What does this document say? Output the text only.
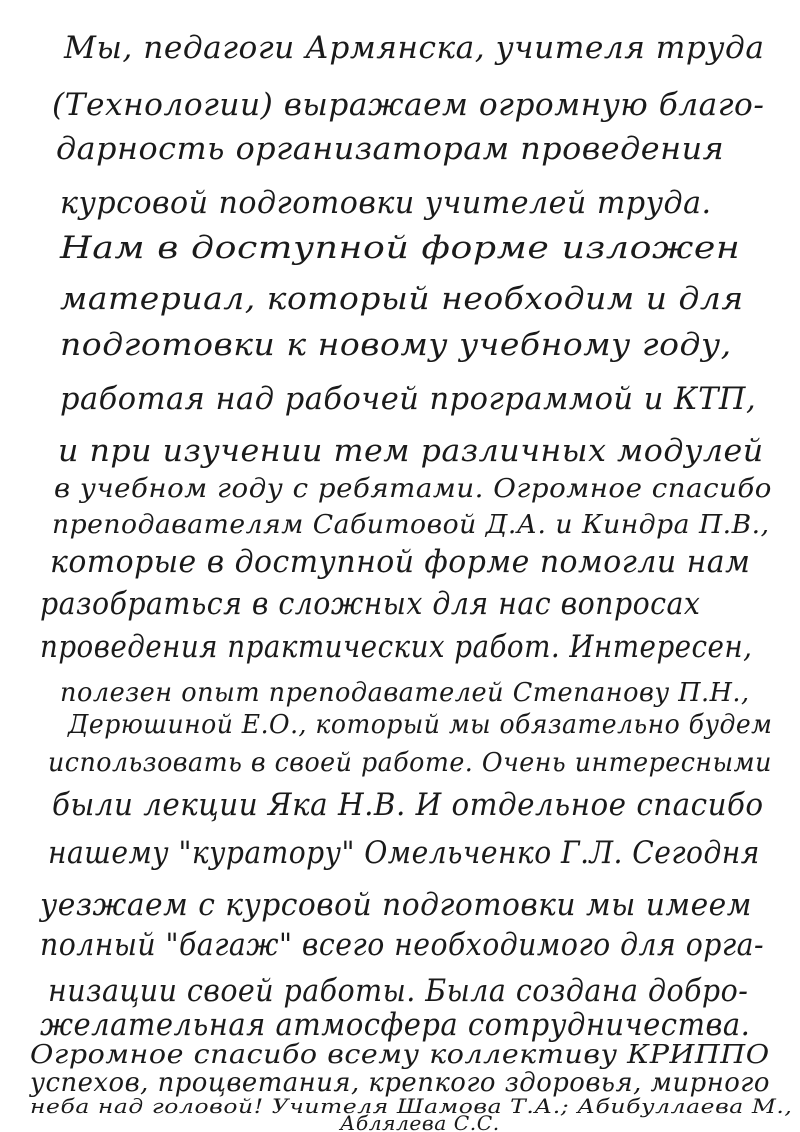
Мы, педагоги Армянска, учителя труда
(Технологии) выражаем огромную благо-
дарность организаторам проведения
курсовой подготовки учителей труда.
Нам в доступной форме изложен
материал, который необходим и для
подготовки к новому учебному году,
работая над рабочей программой и КТП,
и при изучении тем различных модулей
в учебном году с ребятами. Огромное спасибо
преподавателям Сабитовой Д.А. и Киндра П.В.,
которые в доступной форме помогли нам
разобраться в сложных для нас вопросах
проведения практических работ. Интересен,
полезен опыт преподавателей Степанову П.Н.,
Дерюшиной Е.О., который мы обязательно будем
использовать в своей работе. Очень интересными
были лекции Яка Н.В. И отдельное спасибо
нашему "куратору" Омельченко Г.Л. Сегодня
уезжаем с курсовой подготовки мы имеем
полный "багаж" всего необходимого для орга-
низации своей работы. Была создана добро-
желательная атмосфера сотрудничества.
Огромное спасибо всему коллективу КРИППО
успехов, процветания, крепкого здоровья, мирного
неба над головой! Учителя Шамова Т.А.; Абибуллаева М.,
Аблялева С.С.
